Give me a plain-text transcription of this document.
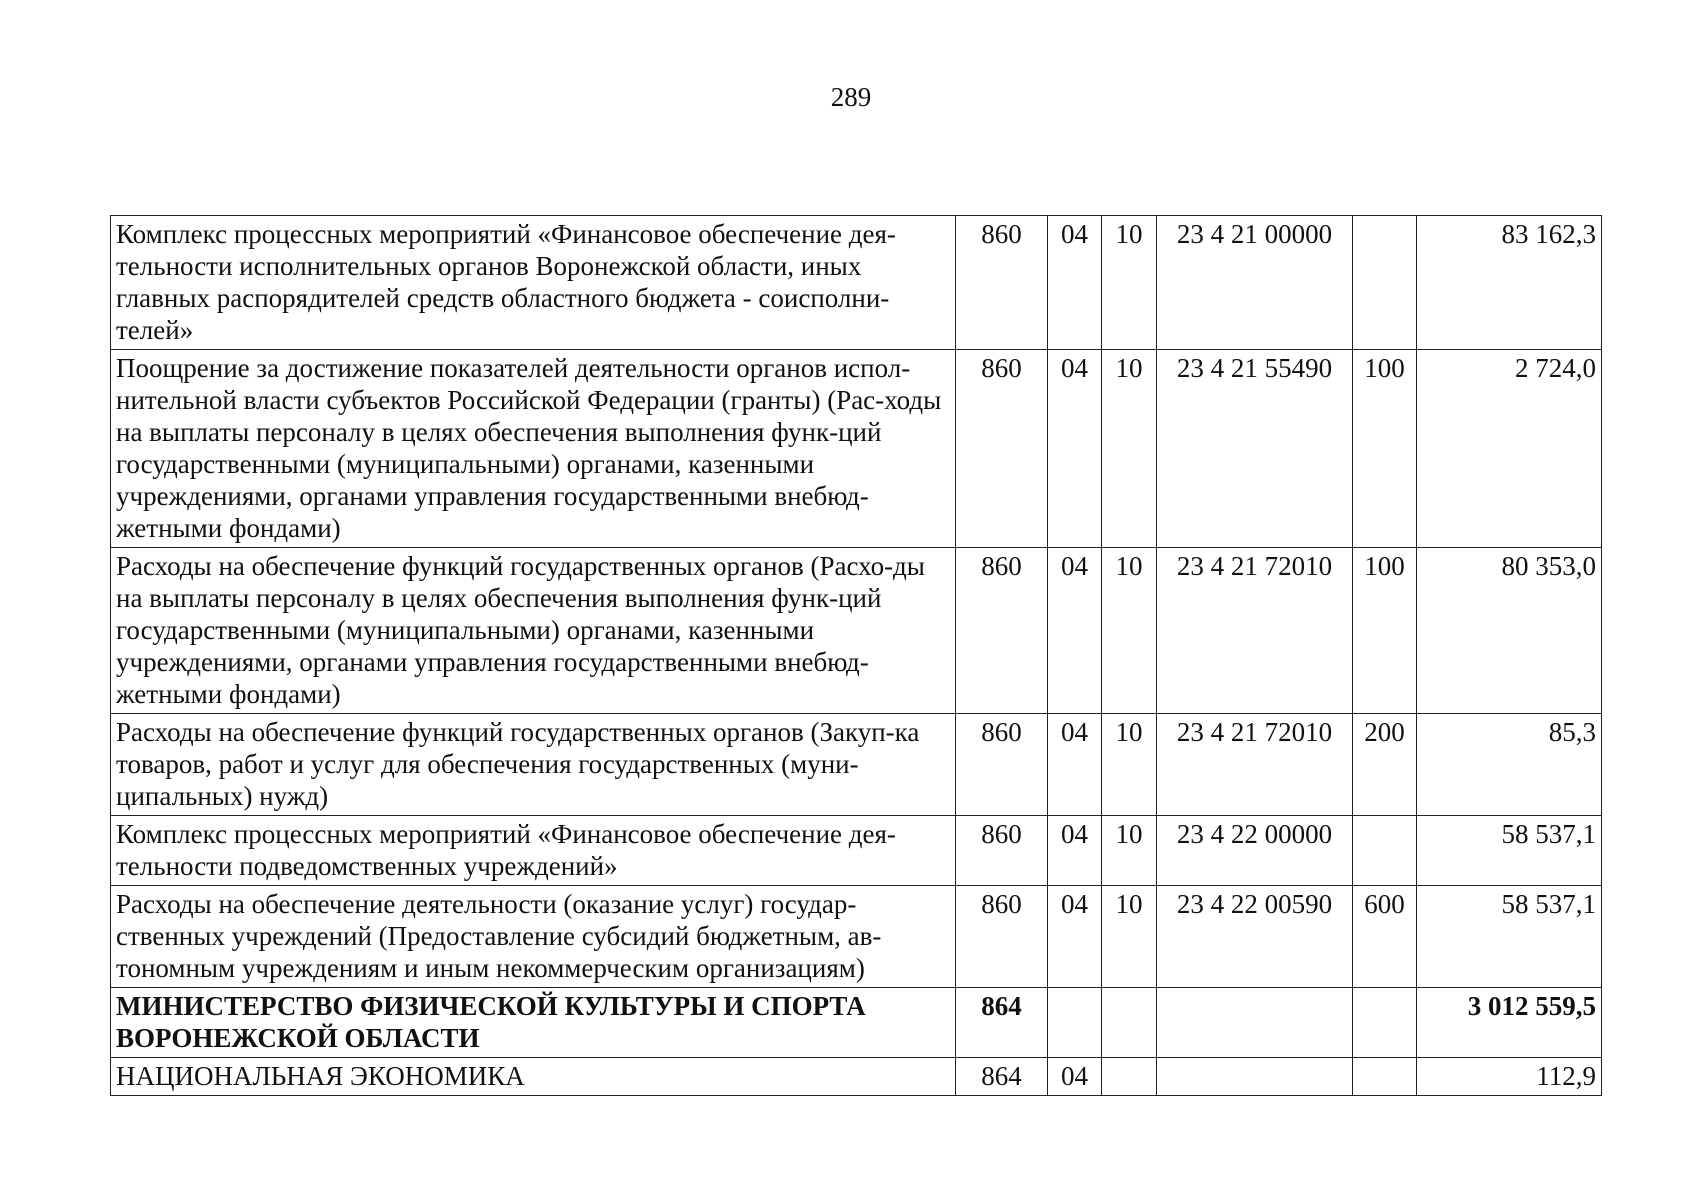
289
Комплекс процессных мероприятий «Финансовое обеспечение дея-тельности исполнительных органов Воронежской области, иных главных распорядителей средств областного бюджета - соисполни-телей»	860	04	10	23 4 21 00000		83 162,3
Поощрение за достижение показателей деятельности органов испол-нительной власти субъектов Российской Федерации (гранты) (Рас-ходы на выплаты персоналу в целях обеспечения выполнения функ-ций государственными (муниципальными) органами, казенными учреждениями, органами управления государственными внебюд-жетными фондами)	860	04	10	23 4 21 55490	100	2 724,0
Расходы на обеспечение функций государственных органов (Расхо-ды на выплаты персоналу в целях обеспечения выполнения функ-ций государственными (муниципальными) органами, казенными учреждениями, органами управления государственными внебюд-жетными фондами)	860	04	10	23 4 21 72010	100	80 353,0
Расходы на обеспечение функций государственных органов (Закуп-ка товаров, работ и услуг для обеспечения государственных (муни-ципальных) нужд)	860	04	10	23 4 21 72010	200	85,3
Комплекс процессных мероприятий «Финансовое обеспечение дея-тельности подведомственных учреждений»	860	04	10	23 4 22 00000		58 537,1
Расходы на обеспечение деятельности (оказание услуг) государ-ственных учреждений (Предоставление субсидий бюджетным, ав-тономным учреждениям и иным некоммерческим организациям)	860	04	10	23 4 22 00590	600	58 537,1
МИНИСТЕРСТВО ФИЗИЧЕСКОЙ КУЛЬТУРЫ И СПОРТА ВОРОНЕЖСКОЙ ОБЛАСТИ	864					3 012 559,5
НАЦИОНАЛЬНАЯ ЭКОНОМИКА	864	04				112,9
